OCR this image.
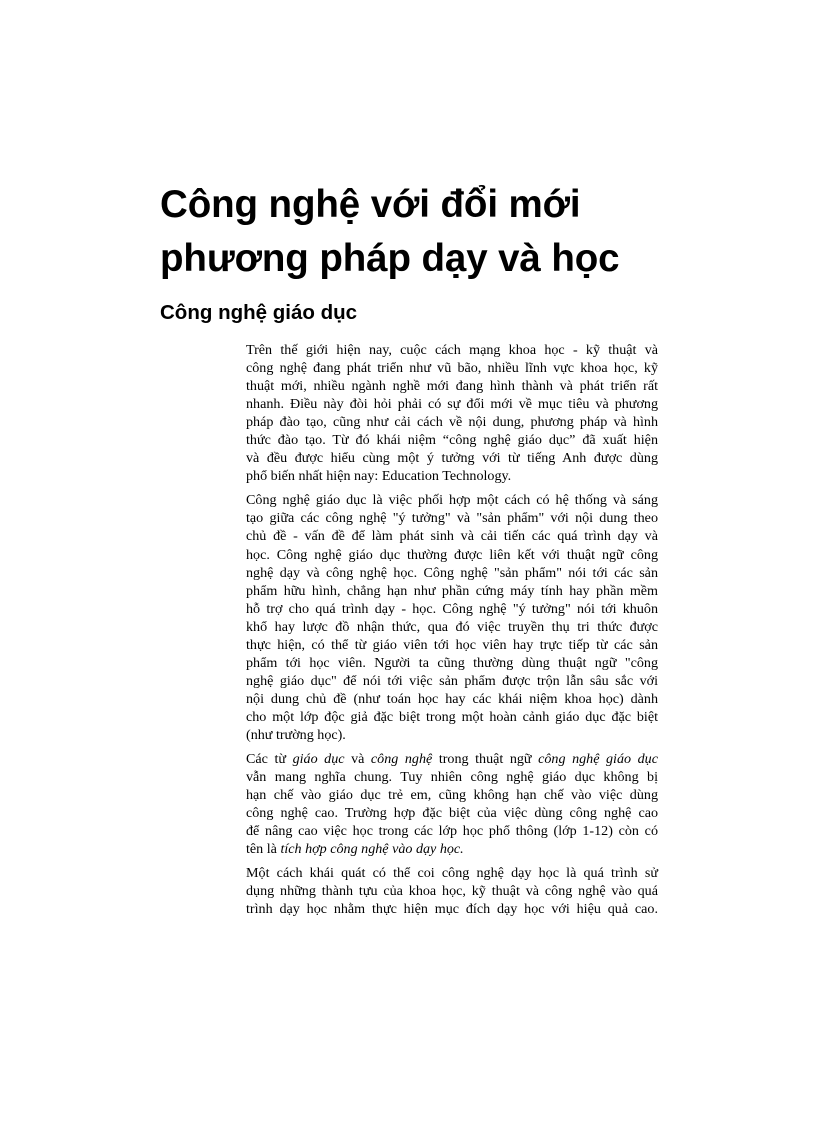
Công nghệ với đổi mới
phương pháp dạy và học
Công nghệ giáo dục

Trên thế giới hiện nay, cuộc cách mạng khoa học - kỹ thuật và
công nghệ đang phát triển như vũ bão, nhiều lĩnh vực khoa học, kỹ
thuật mới, nhiều ngành nghề mới đang hình thành và phát triển rất
nhanh. Điều này đòi hỏi phải có sự đổi mới về mục tiêu và phương
pháp đào tạo, cũng như cải cách về nội dung, phương pháp và hình
thức đào tạo. Từ đó khái niệm “công nghệ giáo dục” đã xuất hiện
và đều được hiểu cùng một ý tưởng với từ tiếng Anh được dùng
phổ biến nhất hiện nay: Education Technology.

Công nghệ giáo dục là việc phối hợp một cách có hệ thống và sáng
tạo giữa các công nghệ "ý tưởng" và "sản phẩm" với nội dung theo
chủ đề - vấn đề để làm phát sinh và cải tiến các quá trình dạy và
học. Công nghệ giáo dục thường được liên kết với thuật ngữ công
nghệ dạy và công nghệ học. Công nghệ "sản phẩm" nói tới các sản
phẩm hữu hình, chẳng hạn như phần cứng máy tính hay phần mềm
hỗ trợ cho quá trình dạy - học. Công nghệ "ý tưởng" nói tới khuôn
khổ hay lược đồ nhận thức, qua đó việc truyền thụ tri thức được
thực hiện, có thể từ giáo viên tới học viên hay trực tiếp từ các sản
phẩm tới học viên. Người ta cũng thường dùng thuật ngữ "công
nghệ giáo dục" để nói tới việc sản phẩm được trộn lẫn sâu sắc với
nội dung chủ đề (như toán học hay các khái niệm khoa học) dành
cho một lớp độc giả đặc biệt trong một hoàn cảnh giáo dục đặc biệt
(như trường học).

Các từ giáo dục và công nghệ trong thuật ngữ công nghệ giáo dục
vẫn mang nghĩa chung. Tuy nhiên công nghệ giáo dục không bị
hạn chế vào giáo dục trẻ em, cũng không hạn chế vào việc dùng
công nghệ cao. Trường hợp đặc biệt của việc dùng công nghệ cao
để nâng cao việc học trong các lớp học phổ thông (lớp 1-12) còn có
tên là tích hợp công nghệ vào dạy học.

Một cách khái quát có thể coi công nghệ dạy học là quá trình sử
dụng những thành tựu của khoa học, kỹ thuật và công nghệ vào quá
trình dạy học nhằm thực hiện mục đích dạy học với hiệu quả cao.
